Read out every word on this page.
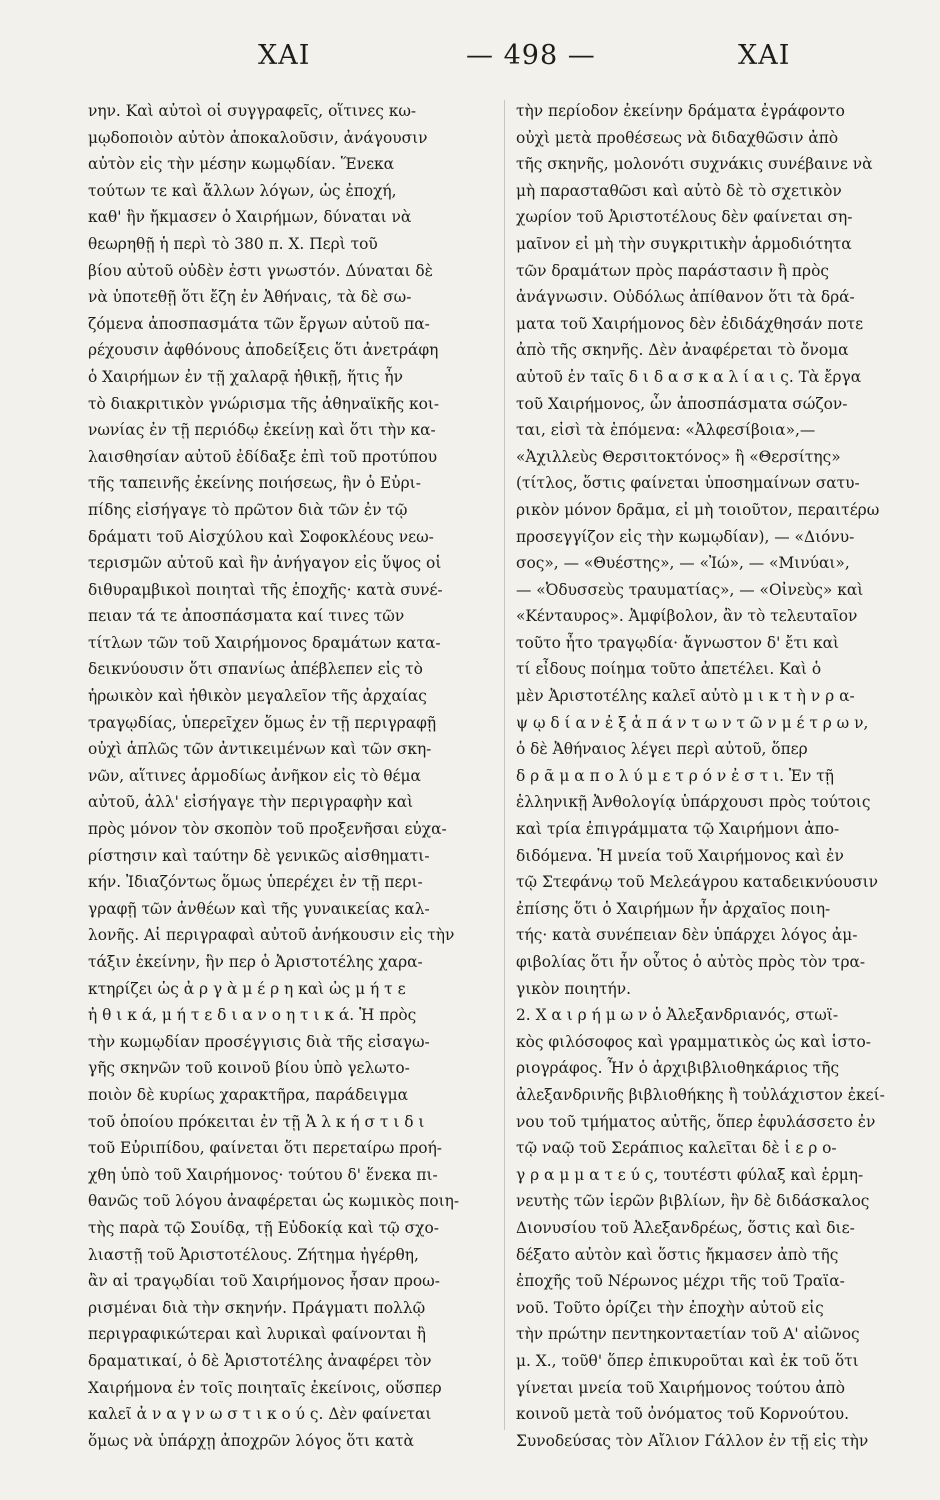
ΧΑΙ	— 498 —	ΧΑΙ
νην. Καὶ αὐτοὶ οἱ συγγραφεῖς, οἵτινες κω-
μῳδοποιὸν αὐτὸν ἀποκαλοῦσιν, ἀνάγουσιν
αὐτὸν εἰς τὴν μέσην κωμῳδίαν. Ἕνεκα
τούτων τε καὶ ἄλλων λόγων, ὡς ἐποχή,
καθ' ἣν ἤκμασεν ὁ Χαιρήμων, δύναται νὰ
θεωρηθῇ ἡ περὶ τὸ 380 π. Χ. Περὶ τοῦ
βίου αὐτοῦ οὐδὲν ἐστι γνωστόν. Δύναται δὲ
νὰ ὑποτεθῇ ὅτι ἔζη ἐν Ἀθήναις, τὰ δὲ σω-
ζόμενα ἀποσπασμάτα τῶν ἔργων αὐτοῦ πα-
ρέχουσιν ἀφθόνους ἀποδείξεις ὅτι ἀνετράφη
ὁ Χαιρήμων ἐν τῇ χαλαρᾷ ἠθικῇ, ἥτις ἦν
τὸ διακριτικὸν γνώρισμα τῆς ἀθηναϊκῆς κοι-
νωνίας ἐν τῇ περιόδῳ ἐκείνῃ καὶ ὅτι τὴν κα-
λαισθησίαν αὐτοῦ ἐδίδαξε ἐπὶ τοῦ προτύπου
τῆς ταπεινῆς ἐκείνης ποιήσεως, ἣν ὁ Εὐρι-
πίδης εἰσήγαγε τὸ πρῶτον διὰ τῶν ἐν τῷ
δράματι τοῦ Αἰσχύλου καὶ Σοφοκλέους νεω-
τερισμῶν αὐτοῦ καὶ ἣν ἀνήγαγον εἰς ὕψος οἱ
διθυραμβικοὶ ποιηταὶ τῆς ἐποχῆς· κατὰ συνέ-
πειαν τά τε ἀποσπάσματα καί τινες τῶν
τίτλων τῶν τοῦ Χαιρήμονος δραμάτων κατα-
δεικνύουσιν ὅτι σπανίως ἀπέβλεπεν εἰς τὸ
ἡρωικὸν καὶ ἠθικὸν μεγαλεῖον τῆς ἀρχαίας
τραγῳδίας, ὑπερεῖχεν ὅμως ἐν τῇ περιγραφῇ
οὐχὶ ἁπλῶς τῶν ἀντικειμένων καὶ τῶν σκη-
νῶν, αἵτινες ἁρμοδίως ἀνῆκον εἰς τὸ θέμα
αὐτοῦ, ἀλλ' εἰσήγαγε τὴν περιγραφὴν καὶ
πρὸς μόνον τὸν σκοπὸν τοῦ προξενῆσαι εὐχα-
ρίστησιν καὶ ταύτην δὲ γενικῶς αἰσθηματι-
κήν. Ἰδιαζόντως ὅμως ὑπερέχει ἐν τῇ περι-
γραφῇ τῶν ἀνθέων καὶ τῆς γυναικείας καλ-
λονῆς. Αἱ περιγραφαὶ αὐτοῦ ἀνήκουσιν εἰς τὴν
τάξιν ἐκείνην, ἣν περ ὁ Ἀριστοτέλης χαρα-
κτηρίζει ὡς ἀ ρ γ ὰ μ έ ρ η καὶ ὡς μ ή τ ε
ἠ θ ι κ ά, μ ή τ ε δ ι α ν ο η τ ι κ ά. Ἡ πρὸς
τὴν κωμῳδίαν προσέγγισις διὰ τῆς εἰσαγω-
γῆς σκηνῶν τοῦ κοινοῦ βίου ὑπὸ γελωτο-
ποιὸν δὲ κυρίως χαρακτῆρα, παράδειγμα
τοῦ ὁποίου πρόκειται ἐν τῇ Ἀ λ κ ή σ τ ι δ ι
τοῦ Εὐριπίδου, φαίνεται ὅτι περεταίρω προή-
χθη ὑπὸ τοῦ Χαιρήμονος· τούτου δ' ἕνεκα πι-
θανῶς τοῦ λόγου ἀναφέρεται ὡς κωμικὸς ποιη-
τὴς παρὰ τῷ Σουίδᾳ, τῇ Εὐδοκίᾳ καὶ τῷ σχο-
λιαστῇ τοῦ Ἀριστοτέλους. Ζήτημα ἠγέρθη,
ἂν αἱ τραγῳδίαι τοῦ Χαιρήμονος ἦσαν προω-
ρισμέναι διὰ τὴν σκηνήν. Πράγματι πολλῷ
περιγραφικώτεραι καὶ λυρικαὶ φαίνονται ἢ
δραματικαί, ὁ δὲ Ἀριστοτέλης ἀναφέρει τὸν
Χαιρήμονα ἐν τοῖς ποιηταῖς ἐκείνοις, οὕσπερ
καλεῖ ἀ ν α γ ν ω σ τ ι κ ο ύ ς. Δὲν φαίνεται
ὅμως νὰ ὑπάρχῃ ἀποχρῶν λόγος ὅτι κατὰ
τὴν περίοδον ἐκείνην δράματα ἐγράφοντο
οὐχὶ μετὰ προθέσεως νὰ διδαχθῶσιν ἀπὸ
τῆς σκηνῆς, μολονότι συχνάκις συνέβαινε νὰ
μὴ παρασταθῶσι καὶ αὐτὸ δὲ τὸ σχετικὸν
χωρίον τοῦ Ἀριστοτέλους δὲν φαίνεται ση-
μαῖνον εἰ μὴ τὴν συγκριτικὴν ἁρμοδιότητα
τῶν δραμάτων πρὸς παράστασιν ἢ πρὸς
ἀνάγνωσιν. Οὐδόλως ἀπίθανον ὅτι τὰ δρά-
ματα τοῦ Χαιρήμονος δὲν ἐδιδάχθησάν ποτε
ἀπὸ τῆς σκηνῆς. Δὲν ἀναφέρεται τὸ ὄνομα
αὐτοῦ ἐν ταῖς δ ι δ α σ κ α λ ί α ι ς. Τὰ ἔργα
τοῦ Χαιρήμονος, ὧν ἀποσπάσματα σώζον-
ται, εἰσὶ τὰ ἑπόμενα: «Ἀλφεσίβοια»,—
«Ἀχιλλεὺς Θερσιτοκτόνος» ἢ «Θερσίτης»
(τίτλος, ὅστις φαίνεται ὑποσημαίνων σατυ-
ρικὸν μόνον δρᾶμα, εἰ μὴ τοιοῦτον, περαιτέρω
προσεγγίζον εἰς τὴν κωμῳδίαν), — «Διόνυ-
σος», — «Θυέστης», — «Ἰώ», — «Μινύαι»,
— «Ὀδυσσεὺς τραυματίας», — «Οἰνεὺς» καὶ
«Κένταυρος». Ἀμφίβολον, ἂν τὸ τελευταῖον
τοῦτο ἦτο τραγῳδία· ἄγνωστον δ' ἔτι καὶ
τί εἶδους ποίημα τοῦτο ἀπετέλει. Καὶ ὁ
μὲν Ἀριστοτέλης καλεῖ αὐτὸ μ ι κ τ ὴ ν ρ α-
ψ ῳ δ ί α ν ἐ ξ ἁ π ά ν τ ω ν τ ῶ ν μ έ τ ρ ω ν,
ὁ δὲ Ἀθήναιος λέγει περὶ αὐτοῦ, ὅπερ
δ ρ ᾶ μ α π ο λ ύ μ ε τ ρ ό ν ἐ σ τ ι. Ἐν τῇ
ἑλληνικῇ Ἀνθολογίᾳ ὑπάρχουσι πρὸς τούτοις
καὶ τρία ἐπιγράμματα τῷ Χαιρήμονι ἀπο-
διδόμενα. Ἡ μνεία τοῦ Χαιρήμονος καὶ ἐν
τῷ Στεφάνῳ τοῦ Μελεάγρου καταδεικνύουσιν
ἐπίσης ὅτι ὁ Χαιρήμων ἦν ἀρχαῖος ποιη-
τής· κατὰ συνέπειαν δὲν ὑπάρχει λόγος ἀμ-
φιβολίας ὅτι ἦν οὗτος ὁ αὐτὸς πρὸς τὸν τρα-
γικὸν ποιητήν.
2. Χ α ι ρ ή μ ω ν ὁ Ἀλεξανδριανός, στωϊ-
κὸς φιλόσοφος καὶ γραμματικὸς ὡς καὶ ἱστο-
ριογράφος. Ἦν ὁ ἀρχιβιβλιοθηκάριος τῆς
ἀλεξανδρινῆς βιβλιοθήκης ἢ τοὐλάχιστον ἐκεί-
νου τοῦ τμήματος αὐτῆς, ὅπερ ἐφυλάσσετο ἐν
τῷ ναῷ τοῦ Σεράπιος καλεῖται δὲ ἱ ε ρ ο-
γ ρ α μ μ α τ ε ύ ς, τουτέστι φύλαξ καὶ ἑρμη-
νευτὴς τῶν ἱερῶν βιβλίων, ἣν δὲ διδάσκαλος
Διονυσίου τοῦ Ἀλεξανδρέως, ὅστις καὶ διε-
δέξατο αὐτὸν καὶ ὅστις ἤκμασεν ἀπὸ τῆς
ἐποχῆς τοῦ Νέρωνος μέχρι τῆς τοῦ Τραϊα-
νοῦ. Τοῦτο ὁρίζει τὴν ἐποχὴν αὐτοῦ εἰς
τὴν πρώτην πεντηκονταετίαν τοῦ Α' αἰῶνος
μ. Χ., τοῦθ' ὅπερ ἐπικυροῦται καὶ ἐκ τοῦ ὅτι
γίνεται μνεία τοῦ Χαιρήμονος τούτου ἀπὸ
κοινοῦ μετὰ τοῦ ὀνόματος τοῦ Κορνούτου.
Συνοδεύσας τὸν Αἴλιον Γάλλον ἐν τῇ εἰς τὴν
